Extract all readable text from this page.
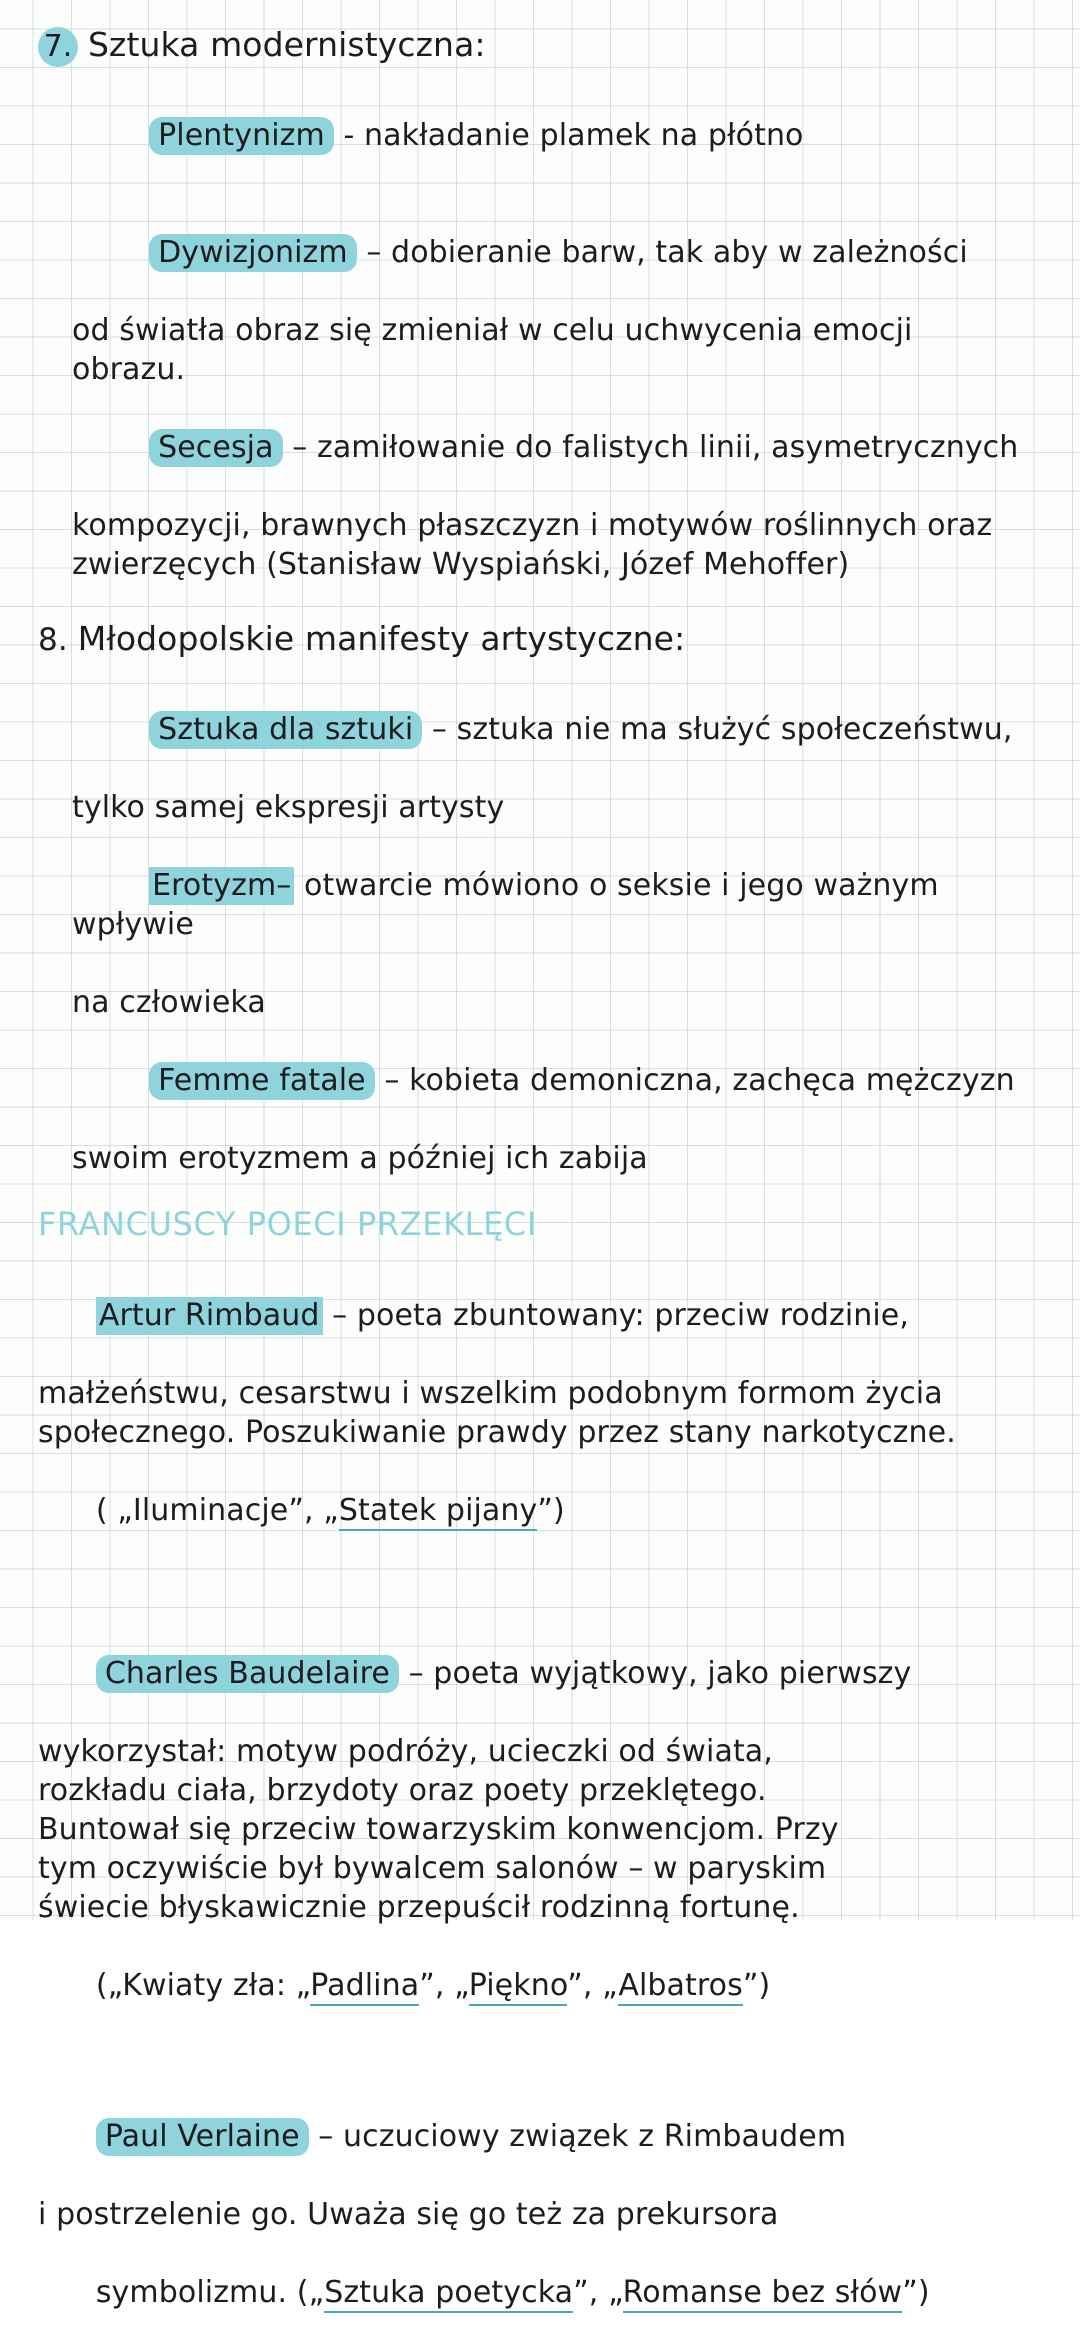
7. Sztuka modernistyczna:

Plentynizm - nakładanie plamek na płótno

Dywizjonizm – dobieranie barw, tak aby w zależności

od światła obraz się zmieniał w celu uchwycenia emocji

obrazu.

Secesja – zamiłowanie do falistych linii, asymetrycznych

kompozycji, brawnych płaszczyzn i motywów roślinnych oraz

zwierzęcych (Stanisław Wyspiański, Józef Mehoffer)

8. Młodopolskie manifesty artystyczne:

Sztuka dla sztuki – sztuka nie ma służyć społeczeństwu,

tylko samej ekspresji artysty

Erotyzm– otwarcie mówiono o seksie i jego ważnym wpływie

na człowieka

Femme fatale – kobieta demoniczna, zachęca mężczyzn

swoim erotyzmem a później ich zabija

FRANCUSCY POECI PRZEKLĘCI

Artur Rimbaud – poeta zbuntowany: przeciw rodzinie,

małżeństwu, cesarstwu i wszelkim podobnym formom życia

społecznego. Poszukiwanie prawdy przez stany narkotyczne.

( „Iluminacje”, „Statek pijany”)

Charles Baudelaire – poeta wyjątkowy, jako pierwszy

wykorzystał: motyw podróży, ucieczki od świata,

rozkładu ciała, brzydoty oraz poety przeklętego.

Buntował się przeciw towarzyskim konwencjom. Przy

tym oczywiście był bywalcem salonów – w paryskim

świecie błyskawicznie przepuścił rodzinną fortunę.

(„Kwiaty zła: „Padlina”, „Piękno”, „Albatros”)

Paul Verlaine – uczuciowy związek z Rimbaudem

i postrzelenie go. Uważa się go też za prekursora

symbolizmu. („Sztuka poetycka”, „Romanse bez słów”)
